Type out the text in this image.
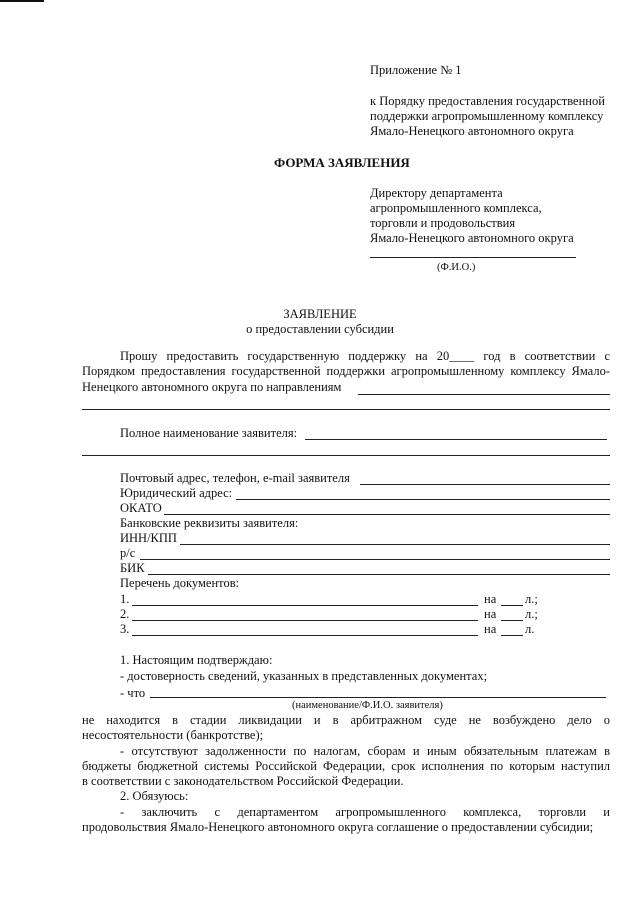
Приложение № 1
к Порядку предоставления государственной
поддержки агропромышленному комплексу
Ямало-Ненецкого автономного округа
ФОРМА ЗАЯВЛЕНИЯ
Директору департамента
агропромышленного комплекса,
торговли и продовольствия
Ямало-Ненецкого автономного округа
(Ф.И.О.)
ЗАЯВЛЕНИЕ
о предоставлении субсидии
Прошу предоставить государственную поддержку на 20____ год в соответствии с
Порядком предоставления государственной поддержки агропромышленному комплексу Ямало-
Ненецкого автономного округа по направлениям
Полное наименование заявителя:
Почтовый адрес, телефон, e-mail заявителя
Юридический адрес:
ОКАТО
Банковские реквизиты заявителя:
ИНН/КПП
р/с
БИК
Перечень документов:
1.	на л.;
2.	на л.;
3.	на л.
1. Настоящим подтверждаю:
- достоверность сведений, указанных в представленных документах;
- что
(наименование/Ф.И.О. заявителя)
не находится в стадии ликвидации и в арбитражном суде не возбуждено дело о
несостоятельности (банкротстве);
- отсутствуют задолженности по налогам, сборам и иным обязательным платежам в
бюджеты бюджетной системы Российской Федерации, срок исполнения по которым наступил
в соответствии с законодательством Российской Федерации.
2. Обязуюсь:
- заключить с департаментом агропромышленного комплекса, торговли и
продовольствия Ямало-Ненецкого автономного округа соглашение о предоставлении субсидии;
